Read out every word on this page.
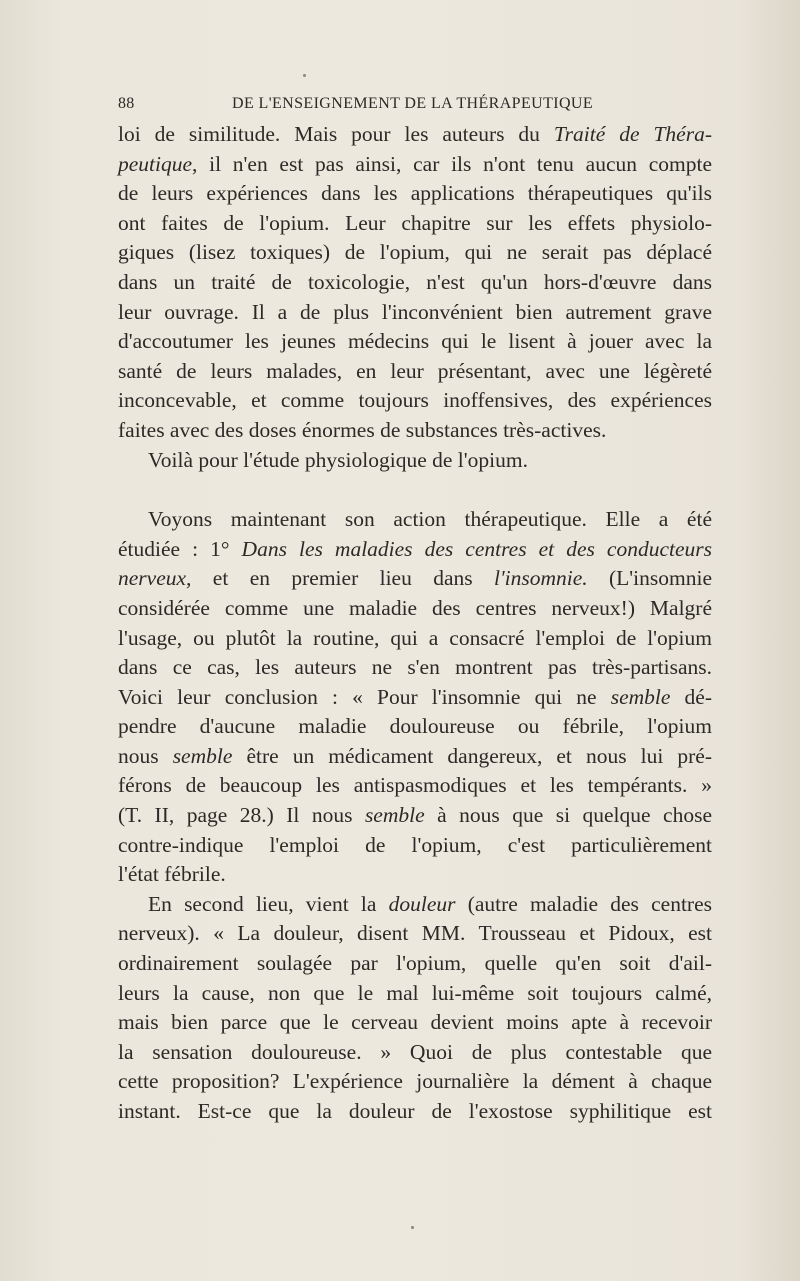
88	DE L'ENSEIGNEMENT DE LA THÉRAPEUTIQUE
loi de similitude. Mais pour les auteurs du Traité de Théra-
peutique, il n'en est pas ainsi, car ils n'ont tenu aucun compte
de leurs expériences dans les applications thérapeutiques qu'ils
ont faites de l'opium. Leur chapitre sur les effets physiolo-
giques (lisez toxiques) de l'opium, qui ne serait pas déplacé
dans un traité de toxicologie, n'est qu'un hors-d'œuvre dans
leur ouvrage. Il a de plus l'inconvénient bien autrement grave
d'accoutumer les jeunes médecins qui le lisent à jouer avec la
santé de leurs malades, en leur présentant, avec une légèreté
inconcevable, et comme toujours inoffensives, des expériences
faites avec des doses énormes de substances très-actives.
Voilà pour l'étude physiologique de l'opium.
Voyons maintenant son action thérapeutique. Elle a été
étudiée : 1° Dans les maladies des centres et des conducteurs
nerveux, et en premier lieu dans l'insomnie. (L'insomnie
considérée comme une maladie des centres nerveux!) Malgré
l'usage, ou plutôt la routine, qui a consacré l'emploi de l'opium
dans ce cas, les auteurs ne s'en montrent pas très-partisans.
Voici leur conclusion : « Pour l'insomnie qui ne semble dé-
pendre d'aucune maladie douloureuse ou fébrile, l'opium
nous semble être un médicament dangereux, et nous lui pré-
férons de beaucoup les antispasmodiques et les tempérants. »
(T. II, page 28.) Il nous semble à nous que si quelque chose
contre-indique l'emploi de l'opium, c'est particulièrement
l'état fébrile.
En second lieu, vient la douleur (autre maladie des centres
nerveux). « La douleur, disent MM. Trousseau et Pidoux, est
ordinairement soulagée par l'opium, quelle qu'en soit d'ail-
leurs la cause, non que le mal lui-même soit toujours calmé,
mais bien parce que le cerveau devient moins apte à recevoir
la sensation douloureuse. » Quoi de plus contestable que
cette proposition? L'expérience journalière la dément à chaque
instant. Est-ce que la douleur de l'exostose syphilitique est
